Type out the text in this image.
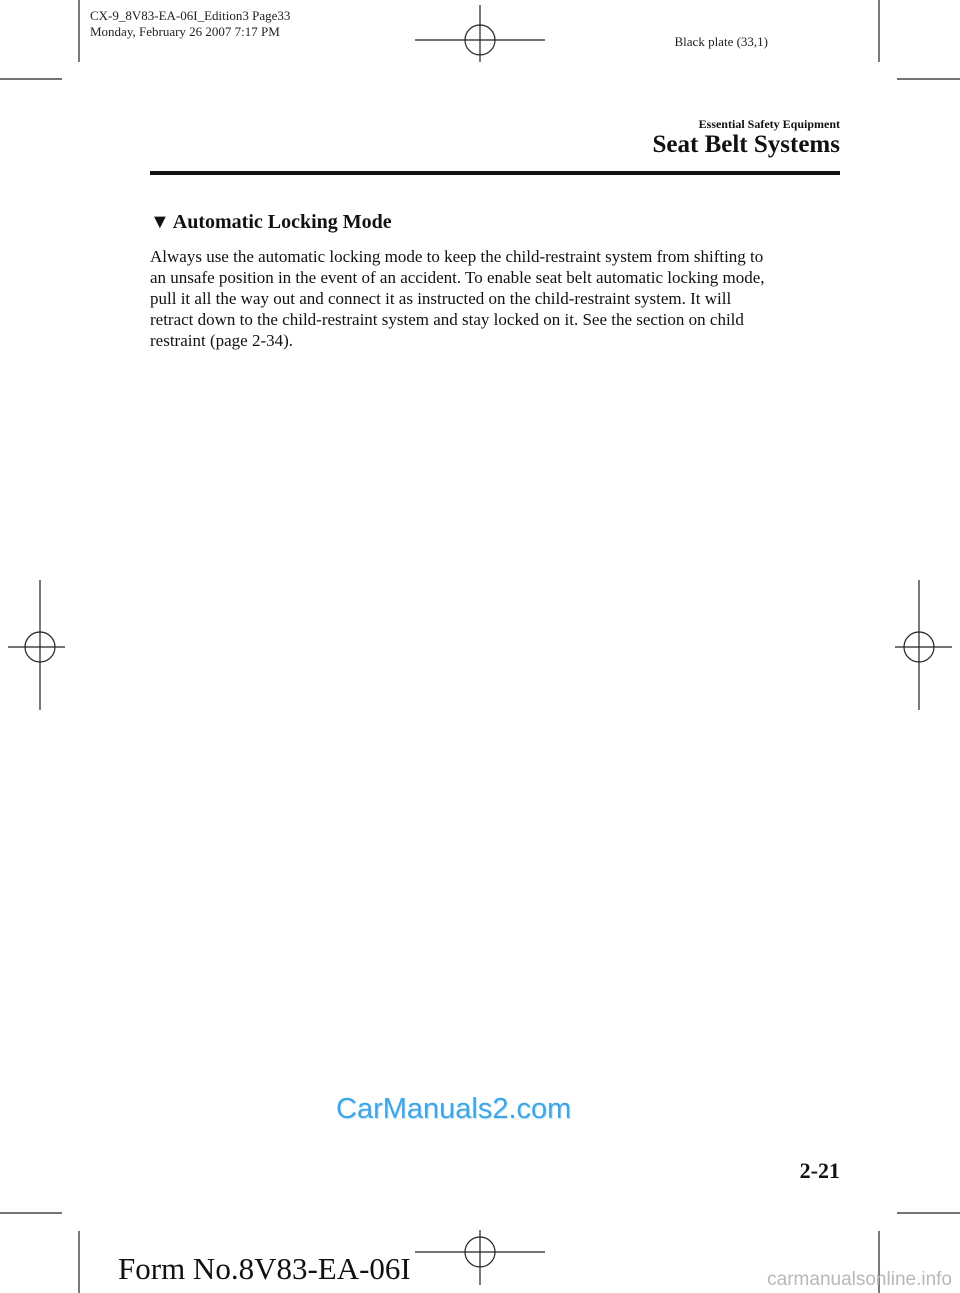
CX-9_8V83-EA-06I_Edition3 Page33
Monday, February 26 2007 7:17 PM
Black plate (33,1)
Essential Safety Equipment
Seat Belt Systems
▼ Automatic Locking Mode
Always use the automatic locking mode to keep the child-restraint system from shifting to
an unsafe position in the event of an accident. To enable seat belt automatic locking mode,
pull it all the way out and connect it as instructed on the child-restraint system. It will
retract down to the child-restraint system and stay locked on it. See the section on child
restraint (page 2-34).
CarManuals2.com
2-21
Form No.8V83-EA-06I	carmanualsonline.info
